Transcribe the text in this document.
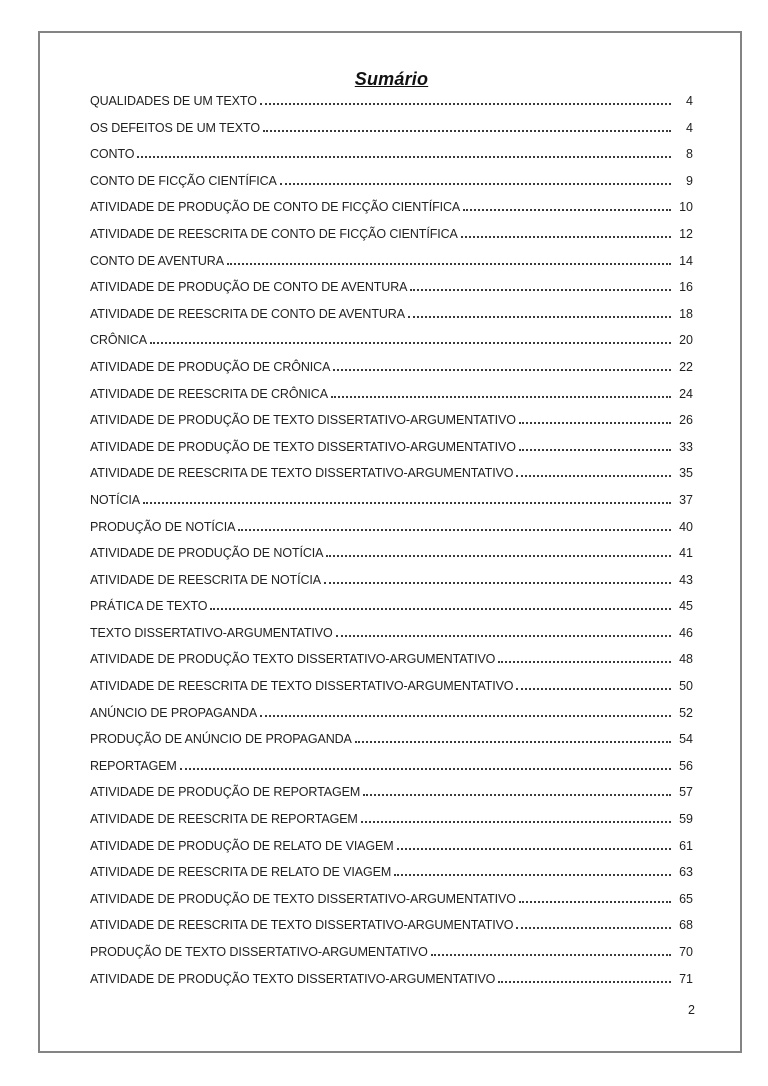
Sumário
QUALIDADES DE UM TEXTO	4
OS DEFEITOS DE UM TEXTO	4
CONTO	8
CONTO DE FICÇÃO CIENTÍFICA	9
ATIVIDADE DE PRODUÇÃO DE CONTO DE FICÇÃO CIENTÍFICA	10
ATIVIDADE DE REESCRITA DE CONTO DE FICÇÃO CIENTÍFICA	12
CONTO DE AVENTURA	14
ATIVIDADE DE PRODUÇÃO DE CONTO DE AVENTURA	16
ATIVIDADE DE REESCRITA DE CONTO DE AVENTURA	18
CRÔNICA	20
ATIVIDADE DE PRODUÇÃO DE CRÔNICA	22
ATIVIDADE DE REESCRITA DE CRÔNICA	24
ATIVIDADE DE PRODUÇÃO DE TEXTO DISSERTATIVO-ARGUMENTATIVO	26
ATIVIDADE DE PRODUÇÃO DE TEXTO DISSERTATIVO-ARGUMENTATIVO	33
ATIVIDADE DE REESCRITA DE TEXTO DISSERTATIVO-ARGUMENTATIVO	35
NOTÍCIA	37
PRODUÇÃO DE NOTÍCIA	40
ATIVIDADE DE PRODUÇÃO DE NOTÍCIA	41
ATIVIDADE DE REESCRITA DE NOTÍCIA	43
PRÁTICA DE TEXTO	45
TEXTO DISSERTATIVO-ARGUMENTATIVO	46
ATIVIDADE DE PRODUÇÃO TEXTO DISSERTATIVO-ARGUMENTATIVO	48
ATIVIDADE DE REESCRITA DE TEXTO DISSERTATIVO-ARGUMENTATIVO	50
ANÚNCIO DE PROPAGANDA	52
PRODUÇÃO DE ANÚNCIO DE PROPAGANDA	54
REPORTAGEM	56
ATIVIDADE DE PRODUÇÃO DE REPORTAGEM	57
ATIVIDADE DE REESCRITA DE REPORTAGEM	59
ATIVIDADE DE PRODUÇÃO DE RELATO DE VIAGEM	61
ATIVIDADE DE REESCRITA DE RELATO DE VIAGEM	63
ATIVIDADE DE PRODUÇÃO DE TEXTO DISSERTATIVO-ARGUMENTATIVO	65
ATIVIDADE DE REESCRITA DE TEXTO DISSERTATIVO-ARGUMENTATIVO	68
PRODUÇÃO DE TEXTO DISSERTATIVO-ARGUMENTATIVO	70
ATIVIDADE DE PRODUÇÃO TEXTO DISSERTATIVO-ARGUMENTATIVO	71
2
